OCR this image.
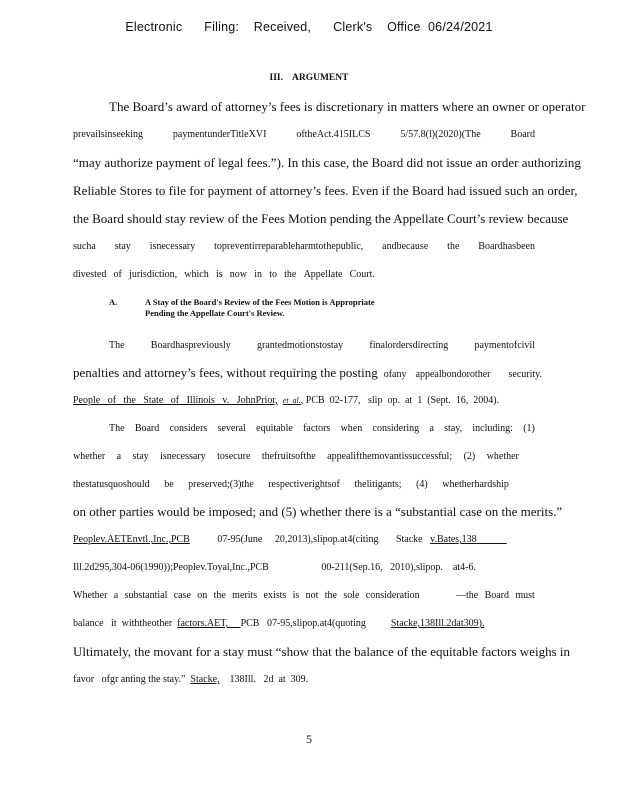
Electronic      Filing:    Received,      Clerk's    Office  06/24/2021
III.    ARGUMENT
The Board’s award of attorney’s fees is discretionary in matters where an owner or operator
prevailsinseeking	paymentunderTitleXVI	oftheAct.415ILCS	5/57.8(l)(2020)(The	Board
“may authorize payment of legal fees.”). In this case, the Board did not issue an order authorizing
Reliable Stores to file for payment of attorney’s fees. Even if the Board had issued such an order,
the Board should stay review of the Fees Motion pending the Appellate Court’s review because
sucha stay isnecessary topreventirreparableharmtothepublic, andbecause the Boardhasbeen
divested of jurisdiction, which is now in to the Appellate Court.
A.	A Stay of the Board's Review of the Fees Motion is Appropriate
Pending the Appellate Court's Review.
The	Boardhaspreviously	grantedmotionstostay	finalordersdirecting	paymentofcivil
penalties and attorney’s fees, without requiring the posting ofany appealbondorother security.
People   of   the   State   of   Illinois   v.   JohnPrior, et  al., PCB 02-177, slip op. at 1 (Sept. 16, 2004).
The Board considers several equitable factors when considering a stay, including: (1)
whether a stay isnecessary tosecure thefruitsofthe appealifthemovantissuccessful; (2) whether
thestatusquoshould be preserved;(3)the respectiverightsof thelitigants; (4) whetherhardship
on other parties would be imposed; and (5) whether there is a “substantial case on the merits.”
Peoplev.AETEnvtl.,Inc.,PCB	07-95(June 20,2013),slipop.at4(citing Stacke v.Bates,138
Ill.2d295,304-06(1990));Peoplev.Toyal,Inc.,PCB	00-211(Sep.16, 2010),slipop. at4-6.
Whether a substantial case on the merits exists is not the sole consideration	—the Board must
balance it withtheother factors.AET, PCB 07-95,slipop.at4(quoting	Stacke,138Ill.2dat309).
Ultimately, the movant for a stay must “show that the balance of the equitable factors weighs in
favor ofgr anting the stay.” Stacke, 138Ill. 2d at 309.
5
